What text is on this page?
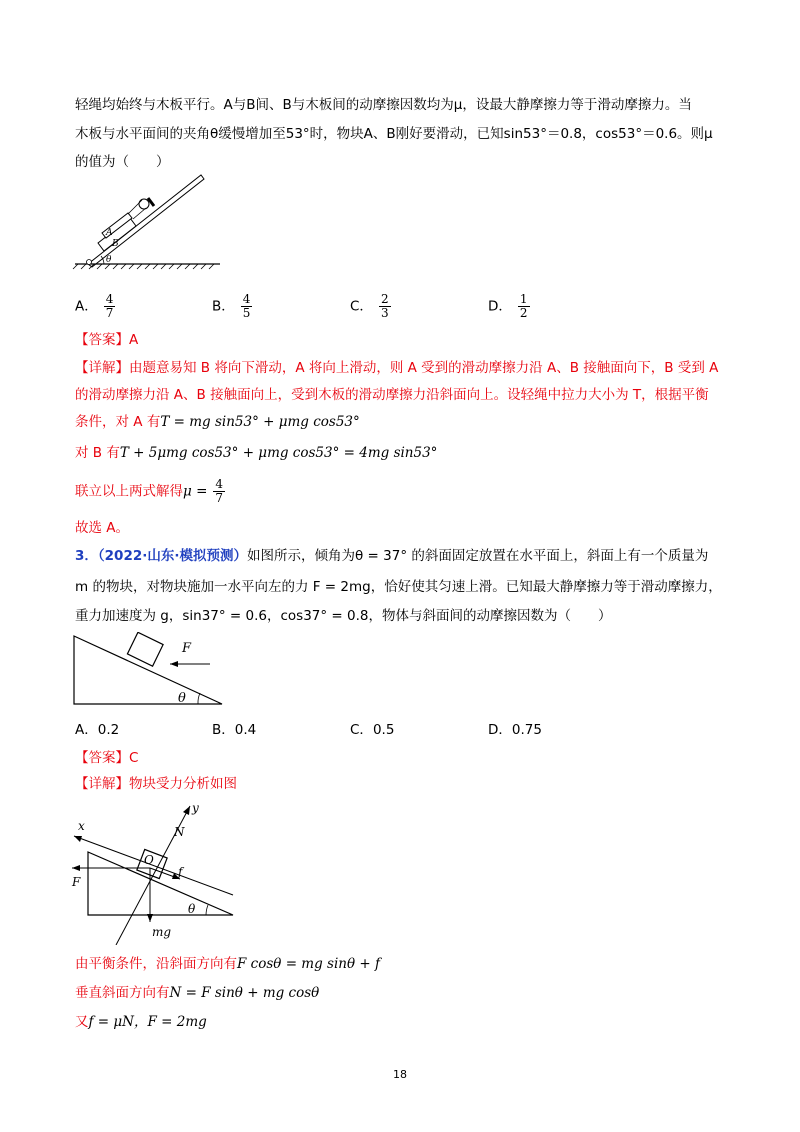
轻绳均始终与木板平行。A与B间、B与木板间的动摩擦因数均为μ，设最大静摩擦力等于滑动摩擦力。当
木板与水平面间的夹角θ缓慢增加至53°时，物块A、B刚好要滑动，已知sin53°＝0.8，cos53°＝0.6。则μ
的值为（　　）
A
B
θ
A． $\frac{4}{7}$	B． $\frac{4}{5}$	C． $\frac{2}{3}$	D． $\frac{1}{2}$
【答案】A
【详解】由题意易知 B 将向下滑动，A 将向上滑动，则 A 受到的滑动摩擦力沿 A、B 接触面向下，B 受到 A
的滑动摩擦力沿 A、B 接触面向上，受到木板的滑动摩擦力沿斜面向上。设轻绳中拉力大小为 T，根据平衡
条件，对 A 有T = mg sin53° + μmg cos53°
对 B 有T + 5μmg cos53° + μmg cos53° = 4mg sin53°
联立以上两式解得$\mu = \frac{4}{7}$
故选 A。
3．（2022·山东·模拟预测）如图所示，倾角为θ = 37° 的斜面固定放置在水平面上，斜面上有一个质量为
m 的物块，对物块施加一水平向左的力 F = 2mg，恰好使其匀速上滑。已知最大静摩擦力等于滑动摩擦力，
重力加速度为 g，sin37° = 0.6，cos37° = 0.8，物体与斜面间的动摩擦因数为（　　）
F
θ
A．0.2	B．0.4	C．0.5	D．0.75
【答案】C
【详解】物块受力分析如图
x
y
N
O
f
F
θ
mg
由平衡条件，沿斜面方向有F cosθ = mg sinθ + f
垂直斜面方向有N = F sinθ + mg cosθ
又f = μN，F = 2mg
18
